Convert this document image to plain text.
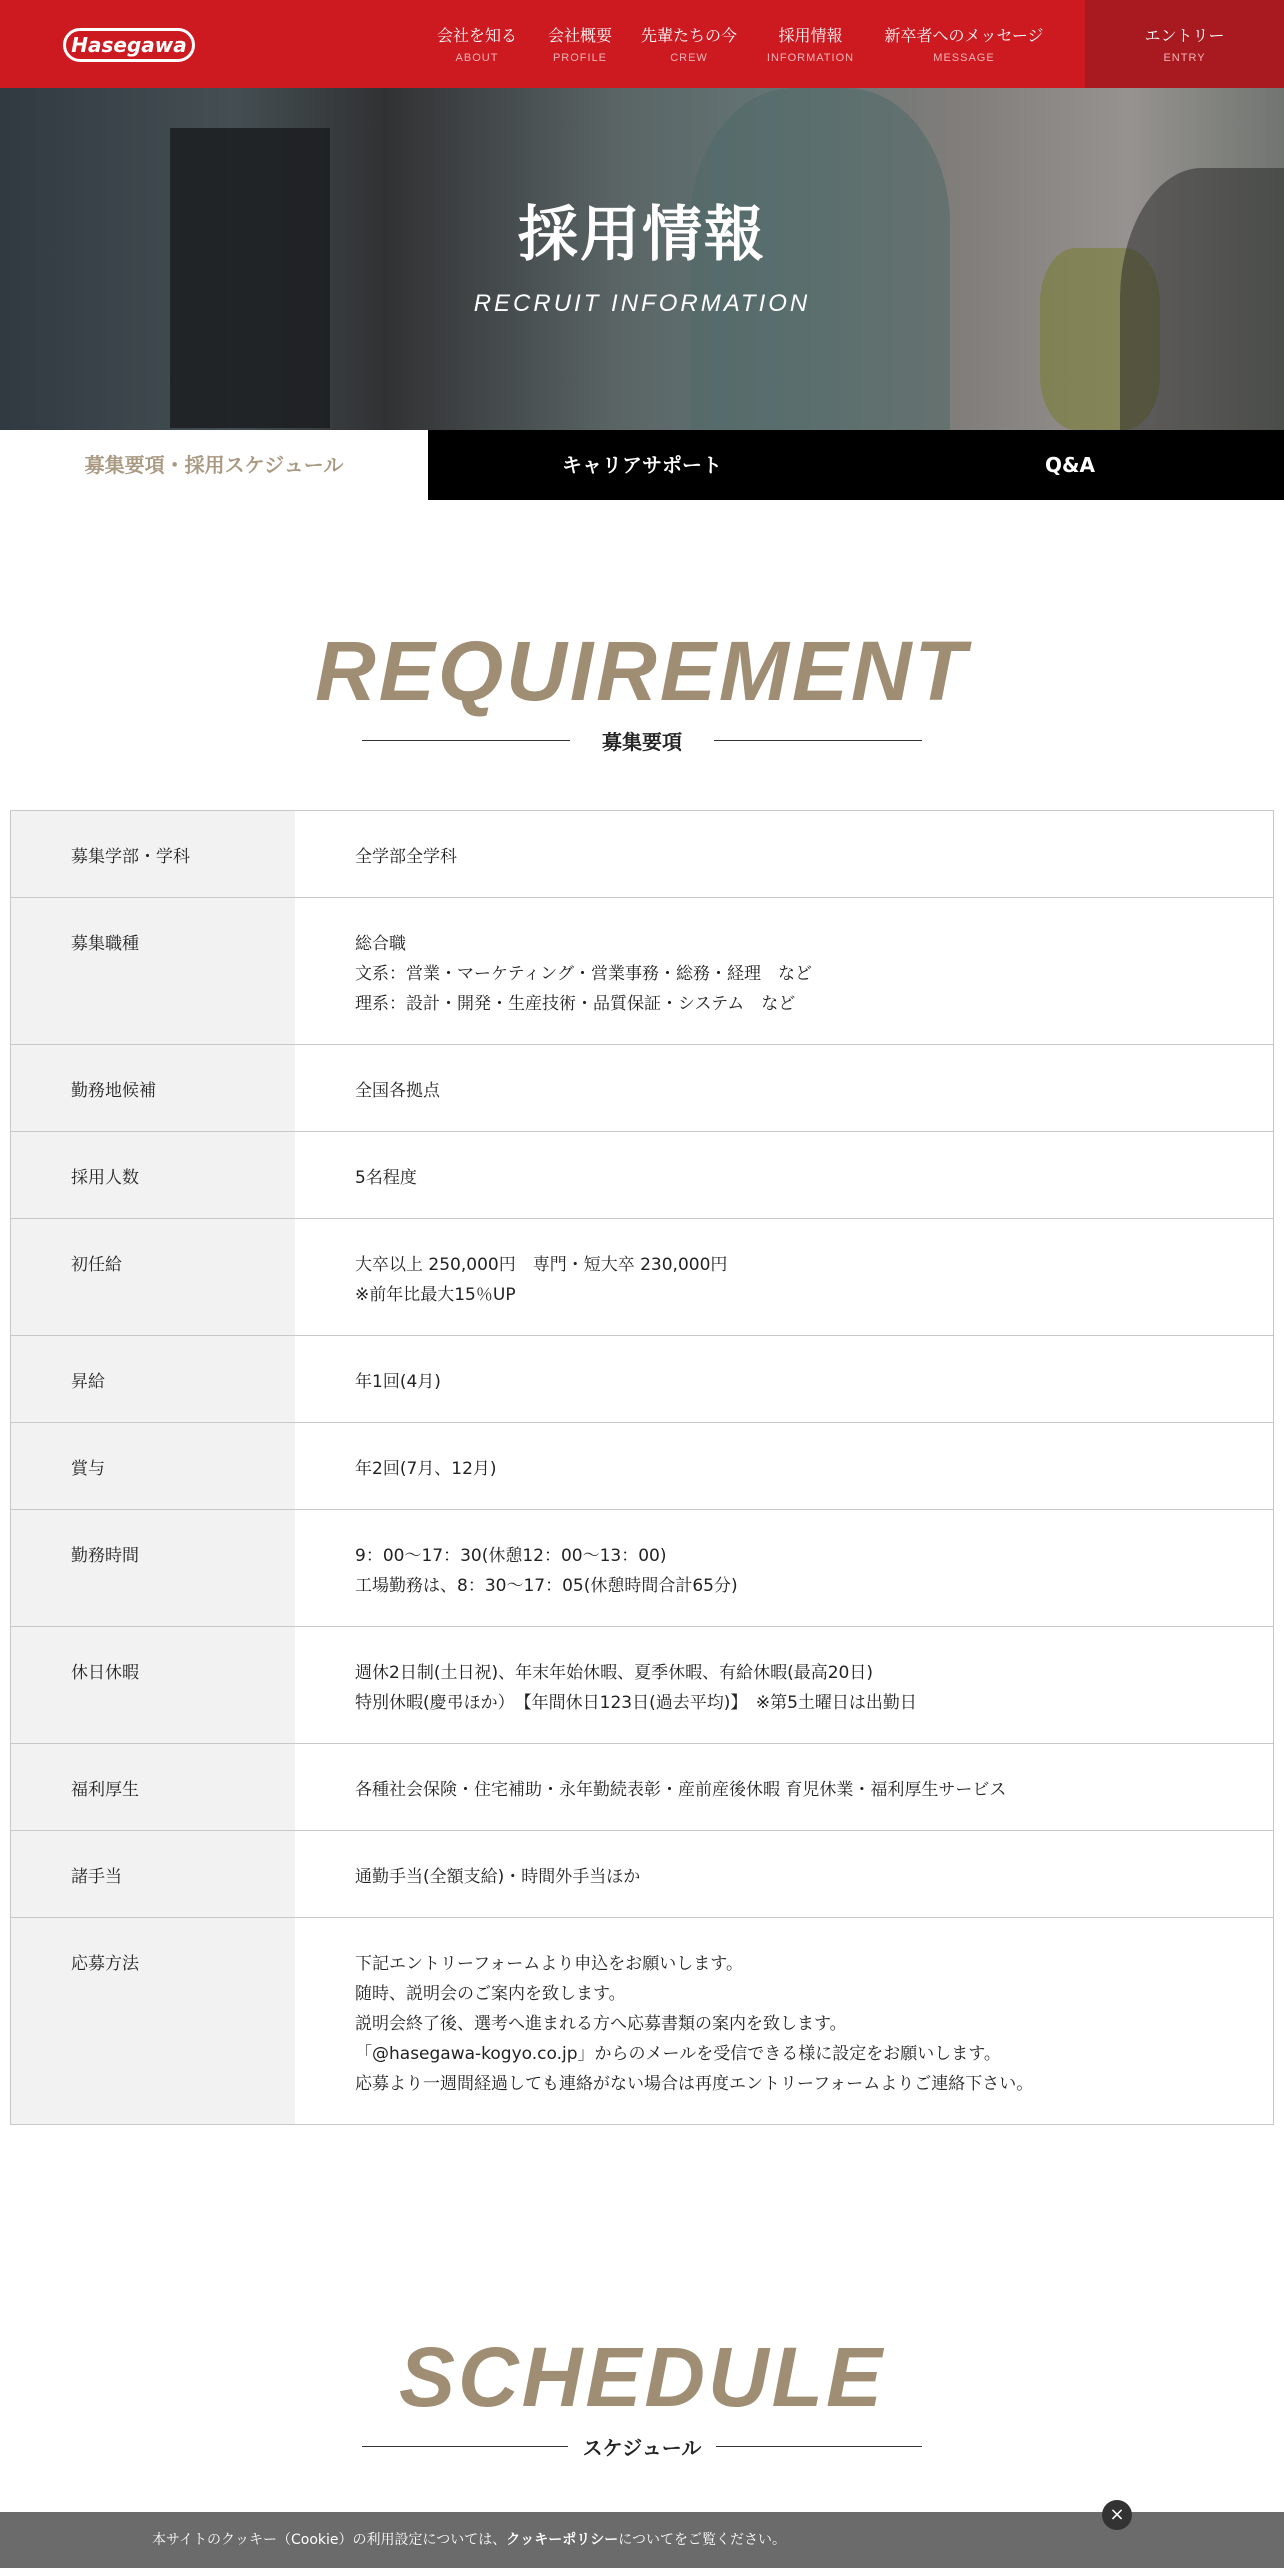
Hasegawa	会社を知る
ABOUT
会社概要
PROFILE
先輩たちの今
CREW
採用情報
INFORMATION
新卒者へのメッセージ
MESSAGE
エントリー
ENTRY
採用情報
RECRUIT INFORMATION
募集要項・採用スケジュール	キャリアサポート	Q&A
REQUIREMENT
募集要項
募集学部・学科	全学部全学科
募集職種	総合職
文系：営業・マーケティング・営業事務・総務・経理　など
理系：設計・開発・生産技術・品質保証・システム　など
勤務地候補	全国各拠点
採用人数	5名程度
初任給	大卒以上 250,000円　専門・短大卒 230,000円
※前年比最大15％UP
昇給	年1回(4月)
賞与	年2回(7月、12月)
勤務時間	9：00〜17：30(休憩12：00〜13：00)
工場勤務は、8：30〜17：05(休憩時間合計65分)
休日休暇	週休2日制(土日祝)、年末年始休暇、夏季休暇、有給休暇(最高20日)
特別休暇(慶弔ほか）　【年間休日123日(過去平均)】　※第5土曜日は出勤日
福利厚生	各種社会保険・住宅補助・永年勤続表彰・産前産後休暇 育児休業・福利厚生サービス
諸手当	通勤手当(全額支給)・時間外手当ほか
応募方法	下記エントリーフォームより申込をお願いします。
随時、説明会のご案内を致します。
説明会終了後、選考へ進まれる方へ応募書類の案内を致します。
「@hasegawa-kogyo.co.jp」からのメールを受信できる様に設定をお願いします。
応募より一週間経過しても連絡がない場合は再度エントリーフォームよりご連絡下さい。
SCHEDULE
スケジュール
本サイトのクッキー（Cookie）の利用設定については、クッキーポリシーについてをご覧ください。
×
